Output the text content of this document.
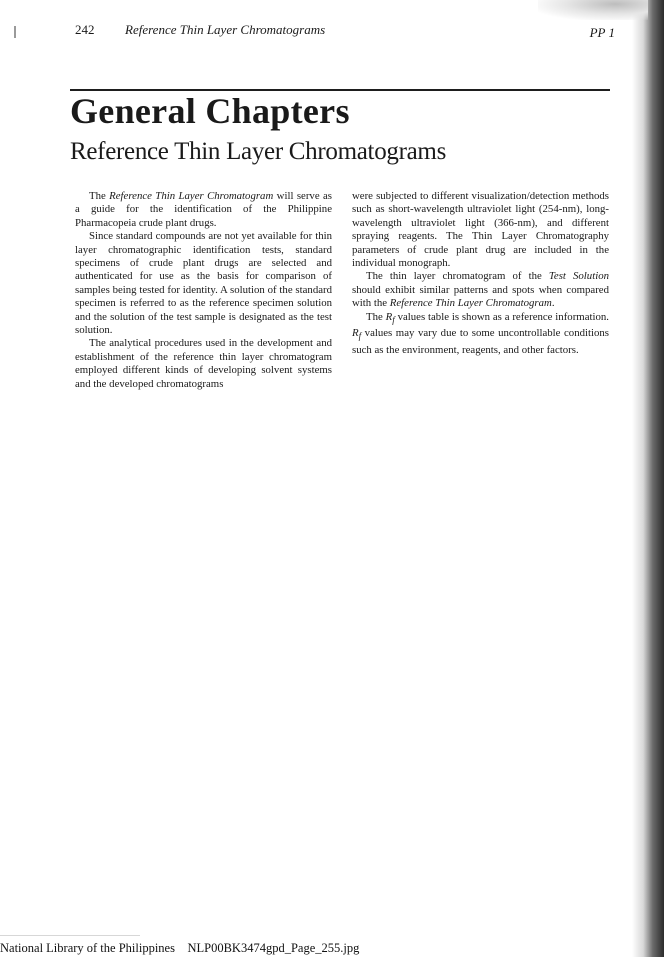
242 Reference Thin Layer Chromatograms	PP 1
General Chapters
Reference Thin Layer Chromatograms

The Reference Thin Layer Chromatogram will serve as a guide for the identification of the Philippine Pharmacopeia crude plant drugs.

Since standard compounds are not yet available for thin layer chromatographic identification tests, standard specimens of crude plant drugs are selected and authenticated for use as the basis for comparison of samples being tested for identity. A solution of the standard specimen is referred to as the reference specimen solution and the solution of the test sample is designated as the test solution.

The analytical procedures used in the development and establishment of the reference thin layer chromatogram employed different kinds of developing solvent systems and the developed chromatograms

were subjected to different visualization/detection methods such as short-wavelength ultraviolet light (254-nm), long-wavelength ultraviolet light (366-nm), and different spraying reagents. The Thin Layer Chromatography parameters of crude plant drug are included in the individual monograph.

The thin layer chromatogram of the Test Solution should exhibit similar patterns and spots when compared with the Reference Thin Layer Chromatogram.

The $R_f$ values table is shown as a reference information. $R_f$ values may vary due to some uncontrollable conditions such as the environment, reagents, and other factors.

National Library of the Philippines NLP00BK3474gpd_Page_255.jpg
